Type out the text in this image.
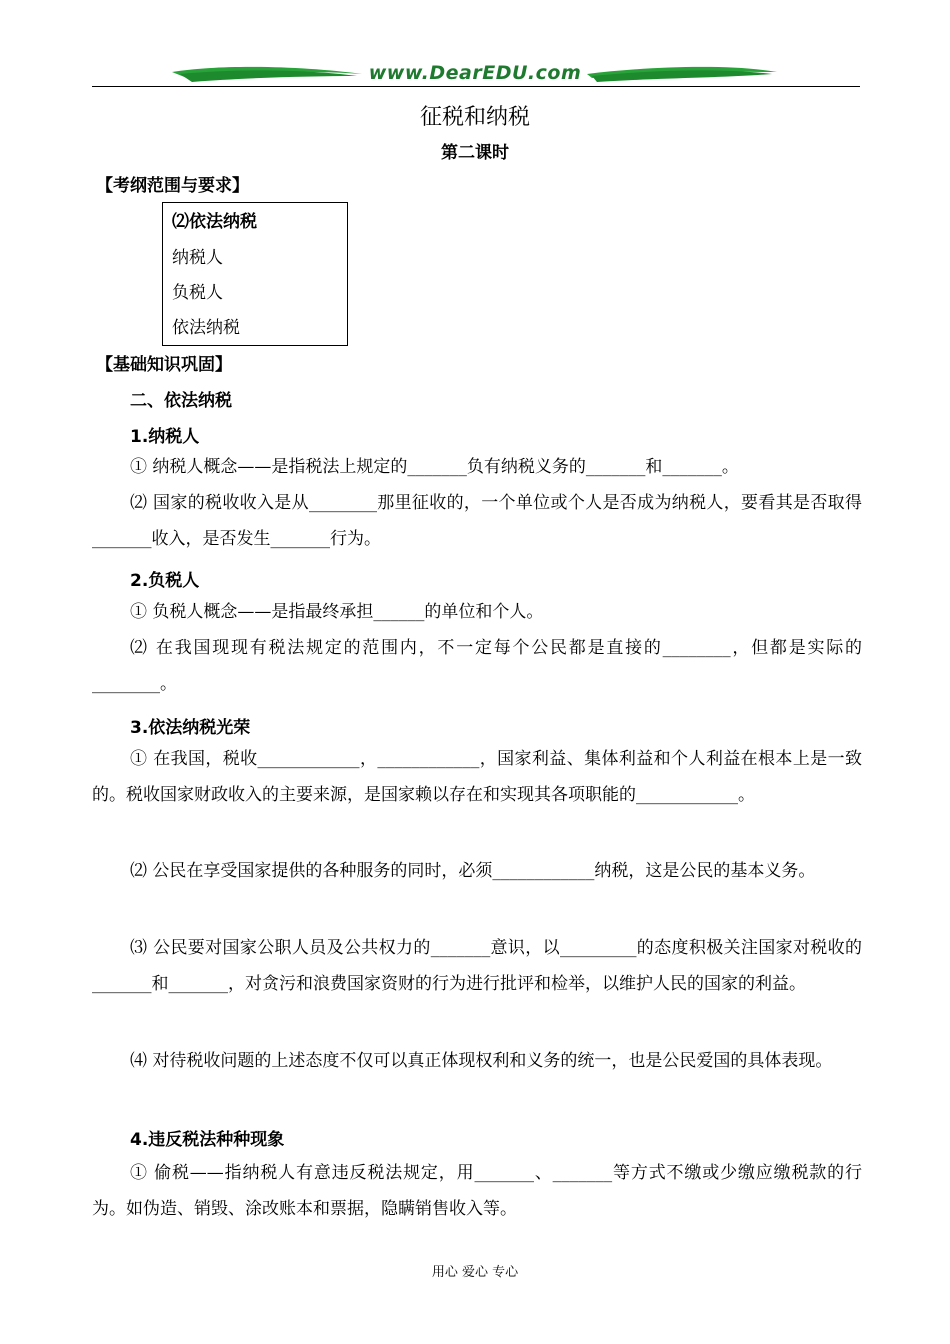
www.DearEDU.com
征税和纳税
第二课时
【考纲范围与要求】
⑵依法纳税
纳税人
负税人
依法纳税
【基础知识巩固】
二、依法纳税
1.纳税人
① 纳税人概念——是指税法上规定的_______负有纳税义务的_______和_______。
⑵ 国家的税收收入是从________那里征收的，一个单位或个人是否成为纳税人，要看其是否取得_______收入，是否发生_______行为。
2.负税人
① 负税人概念——是指最终承担______的单位和个人。
⑵ 在我国现现有税法规定的范围内，不一定每个公民都是直接的________，但都是实际的________。
3.依法纳税光荣
① 在我国，税收____________，____________，国家利益、集体利益和个人利益在根本上是一致的。税收国家财政收入的主要来源，是国家赖以存在和实现其各项职能的____________。
⑵ 公民在享受国家提供的各种服务的同时，必须____________纳税，这是公民的基本义务。
⑶ 公民要对国家公职人员及公共权力的_______意识，以_________的态度积极关注国家对税收的_______和_______，对贪污和浪费国家资财的行为进行批评和检举，以维护人民的国家的利益。
⑷ 对待税收问题的上述态度不仅可以真正体现权利和义务的统一，也是公民爱国的具体表现。
4.违反税法种种现象
① 偷税——指纳税人有意违反税法规定，用_______、_______等方式不缴或少缴应缴税款的行为。如伪造、销毁、涂改账本和票据，隐瞒销售收入等。
用心 爱心 专心
